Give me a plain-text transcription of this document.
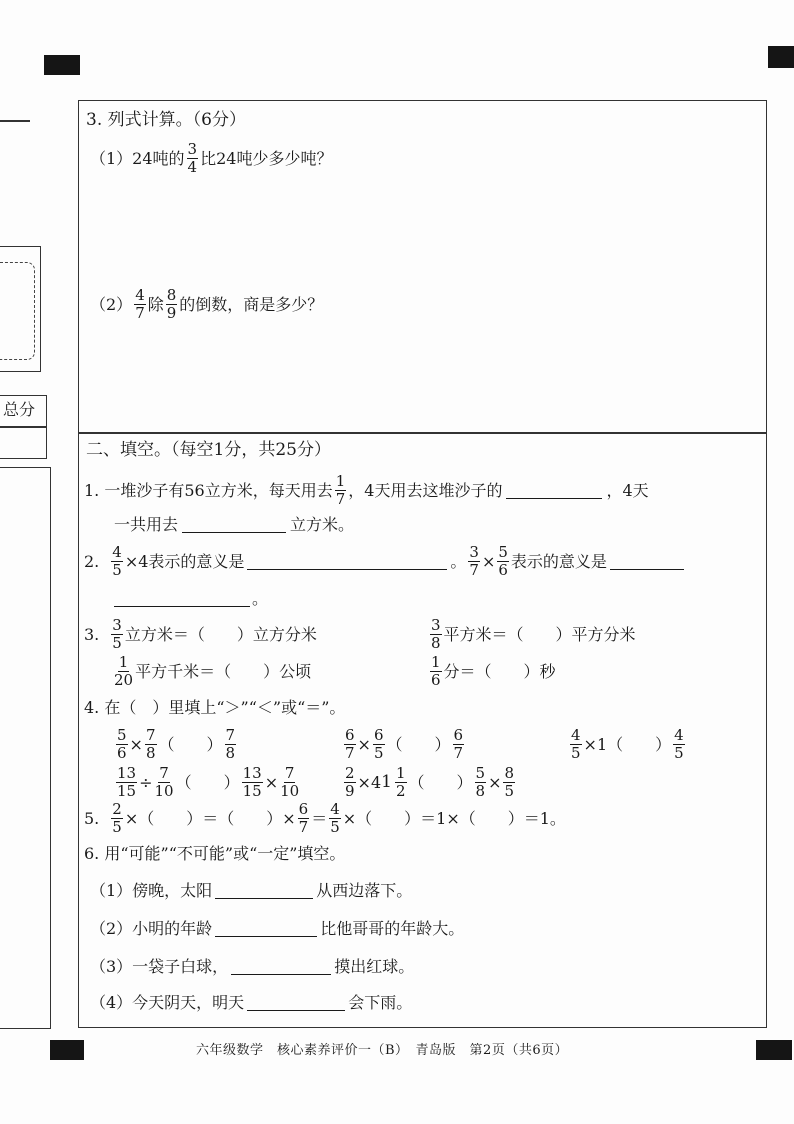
总分
3. 列式计算。（6分）
（1）24吨的 $\frac{3}{4}$ 比24吨少多少吨？
$(2) \frac{4}{7}$ 除 $\frac{8}{9}$ 的倒数，商是多少？
二、填空。（每空1分，共25分）
1. 一堆沙子有56立方米，每天用去 $\frac{1}{7}$ ，4天用去这堆沙子的	，4天
一共用去	立方米。
2. $\frac{4}{5} \times 4$表示的意义是	。 $\frac{3}{7} \times \frac{5}{6}$ 表示的意义是
。
3. $\frac{3}{5}$ 立方米＝（　　）立方分米	$\frac{3}{8}$ 平方米＝（　　）平方分米
$\frac{1}{20}$ 平方千米＝（　　）公顷	$\frac{1}{6}$ 分＝（　　）秒
4. 在（　）里填上“＞”“＜”或“＝”。
$\frac{5}{6} \times \frac{7}{8}$ （　　） $\frac{7}{8}$	$\frac{6}{7} \times \frac{6}{5}$ （　　） $\frac{6}{7}$	$\frac{4}{5} \times 1$ （　　） $\frac{4}{5}$
$\frac{13}{15} \div \frac{7}{10}$ （　　） $\frac{13}{15} \times \frac{7}{10}$	$\frac{2}{9} \times 4$ $1 \frac{1}{2}$ （　　） $\frac{5}{8} \times \frac{8}{5}$
5. $\frac{2}{5}$ ×（　　）＝（　　）× $\frac{6}{7} = \frac{4}{5}$ ×（　　）＝1×（　　）＝1。
6. 用“可能”“不可能”或“一定”填空。
（1）傍晚，太阳	从西边落下。
（2）小明的年龄	比他哥哥的年龄大。
（3）一袋子白球，	摸出红球。
（4）今天阴天，明天	会下雨。
六年级数学　核心素养评价一（B）　青岛版　第2页（共6页）
